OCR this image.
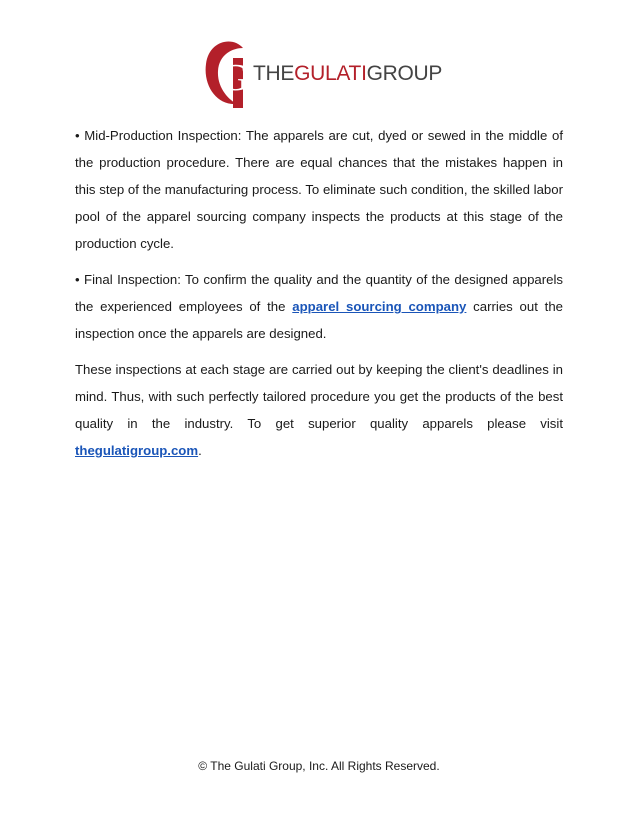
G THEGULATIGROUP

• Mid-Production Inspection: The apparels are cut, dyed or sewed in the middle of the production procedure. There are equal chances that the mistakes happen in this step of the manufacturing process. To eliminate such condition, the skilled labor pool of the apparel sourcing company inspects the products at this stage of the production cycle.

• Final Inspection: To confirm the quality and the quantity of the designed apparels the experienced employees of the apparel sourcing company carries out the inspection once the apparels are designed.

These inspections at each stage are carried out by keeping the client's deadlines in mind. Thus, with such perfectly tailored procedure you get the products of the best quality in the industry. To get superior quality apparels please visit thegulatigroup.com.

© The Gulati Group, Inc. All Rights Reserved.
